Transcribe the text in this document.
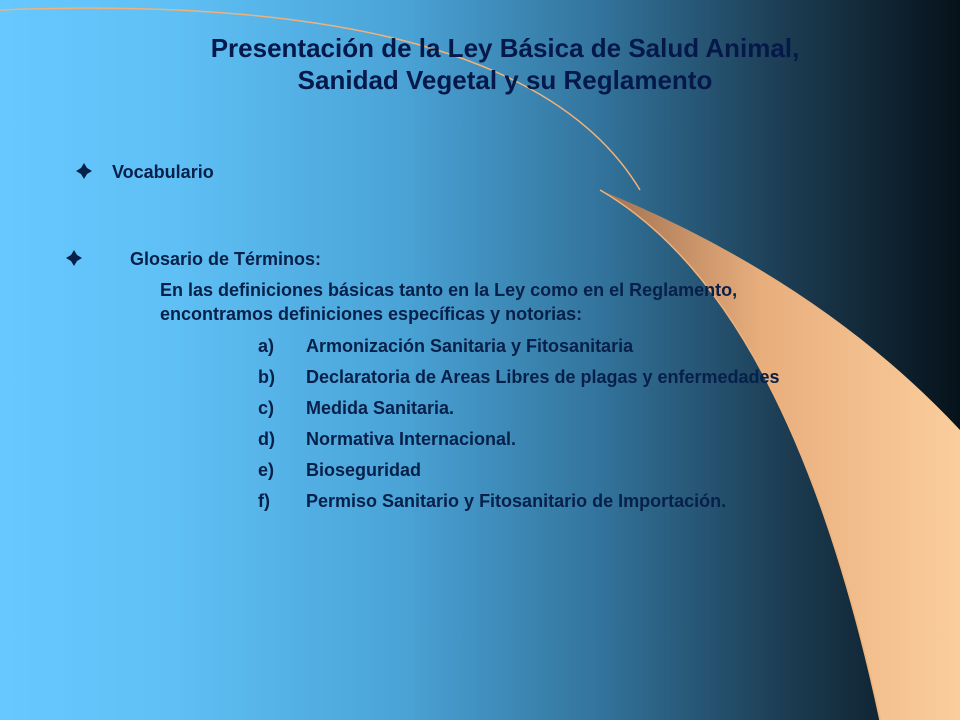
Presentación de la Ley Básica de Salud Animal,
Sanidad Vegetal y su Reglamento
Vocabulario
Glosario de Términos:
En las definiciones básicas tanto en la Ley como en el Reglamento,
encontramos definiciones específicas y notorias:
a) Armonización Sanitaria y Fitosanitaria
b) Declaratoria de Areas Libres de plagas y enfermedades
c) Medida Sanitaria.
d) Normativa Internacional.
e) Bioseguridad
f) Permiso Sanitario y Fitosanitario de Importación.
